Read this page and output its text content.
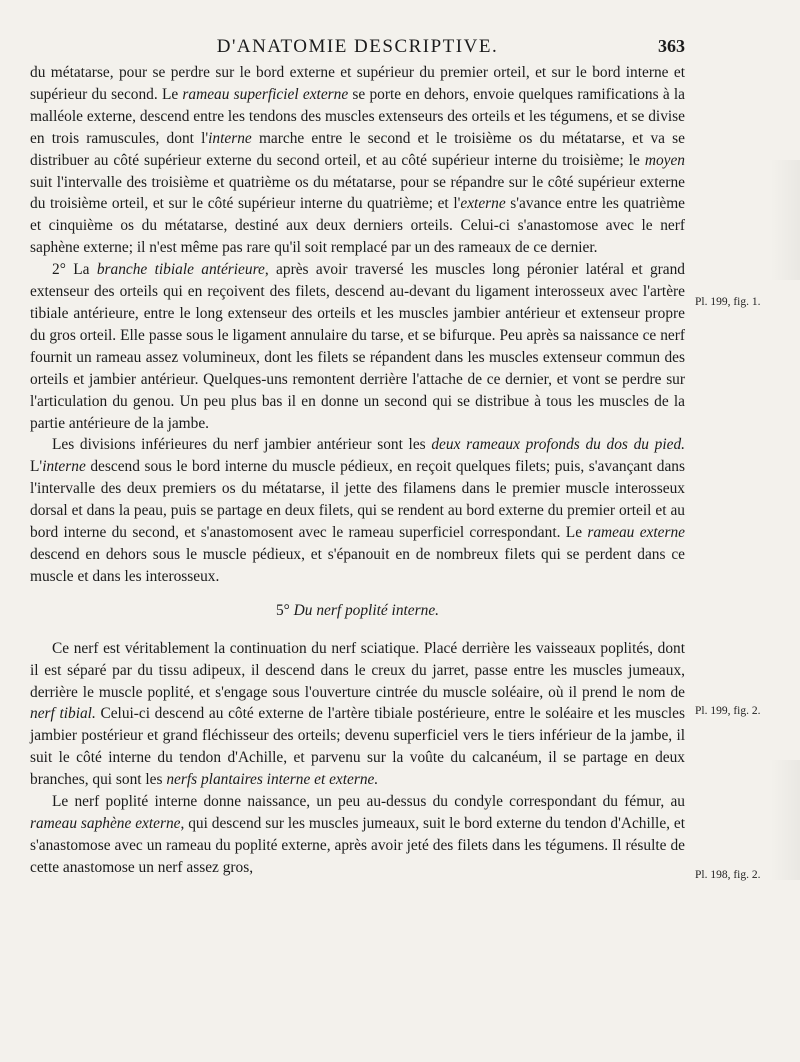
D'ANATOMIE DESCRIPTIVE.	363

du métatarse, pour se perdre sur le bord externe et supérieur du premier orteil, et sur le bord interne et supérieur du second. Le rameau superficiel externe se porte en dehors, envoie quelques ramifications à la malléole externe, descend entre les tendons des muscles extenseurs des orteils et les tégumens, et se divise en trois ramuscules, dont l'interne marche entre le second et le troisième os du métatarse, et va se distribuer au côté supérieur externe du second orteil, et au côté supérieur interne du troisième; le moyen suit l'intervalle des troisième et quatrième os du métatarse, pour se répandre sur le côté supérieur externe du troisième orteil, et sur le côté supérieur interne du quatrième; et l'externe s'avance entre les quatrième et cinquième os du métatarse, destiné aux deux derniers orteils. Celui-ci s'anastomose avec le nerf saphène externe; il n'est même pas rare qu'il soit remplacé par un des rameaux de ce dernier.

2° La branche tibiale antérieure, après avoir traversé les muscles long péronier latéral et grand extenseur des orteils qui en reçoivent des filets, descend au-devant du ligament interosseux avec l'artère tibiale antérieure, entre le long extenseur des orteils et les muscles jambier antérieur et extenseur propre du gros orteil. Elle passe sous le ligament annulaire du tarse, et se bifurque. Peu après sa naissance ce nerf fournit un rameau assez volumineux, dont les filets se répandent dans les muscles extenseur commun des orteils et jambier antérieur. Quelques-uns remontent derrière l'attache de ce dernier, et vont se perdre sur l'articulation du genou. Un peu plus bas il en donne un second qui se distribue à tous les muscles de la partie antérieure de la jambe.

Les divisions inférieures du nerf jambier antérieur sont les deux rameaux profonds du dos du pied. L'interne descend sous le bord interne du muscle pédieux, en reçoit quelques filets; puis, s'avançant dans l'intervalle des deux premiers os du métatarse, il jette des filamens dans le premier muscle interosseux dorsal et dans la peau, puis se partage en deux filets, qui se rendent au bord externe du premier orteil et au bord interne du second, et s'anastomosent avec le rameau superficiel correspondant. Le rameau externe descend en dehors sous le muscle pédieux, et s'épanouit en de nombreux filets qui se perdent dans ce muscle et dans les interosseux.

5° Du nerf poplité interne.

Ce nerf est véritablement la continuation du nerf sciatique. Placé derrière les vaisseaux poplités, dont il est séparé par du tissu adipeux, il descend dans le creux du jarret, passe entre les muscles jumeaux, derrière le muscle poplité, et s'engage sous l'ouverture cintrée du muscle soléaire, où il prend le nom de nerf tibial. Celui-ci descend au côté externe de l'artère tibiale postérieure, entre le soléaire et les muscles jambier postérieur et grand fléchisseur des orteils; devenu superficiel vers le tiers inférieur de la jambe, il suit le côté interne du tendon d'Achille, et parvenu sur la voûte du calcanéum, il se partage en deux branches, qui sont les nerfs plantaires interne et externe.

Le nerf poplité interne donne naissance, un peu au-dessus du condyle correspondant du fémur, au rameau saphène externe, qui descend sur les muscles jumeaux, suit le bord externe du tendon d'Achille, et s'anastomose avec un rameau du poplité externe, après avoir jeté des filets dans les tégumens. Il résulte de cette anastomose un nerf assez gros,

Pl. 199, fig. 1.
Pl. 199, fig. 2.
Pl. 198, fig. 2.
